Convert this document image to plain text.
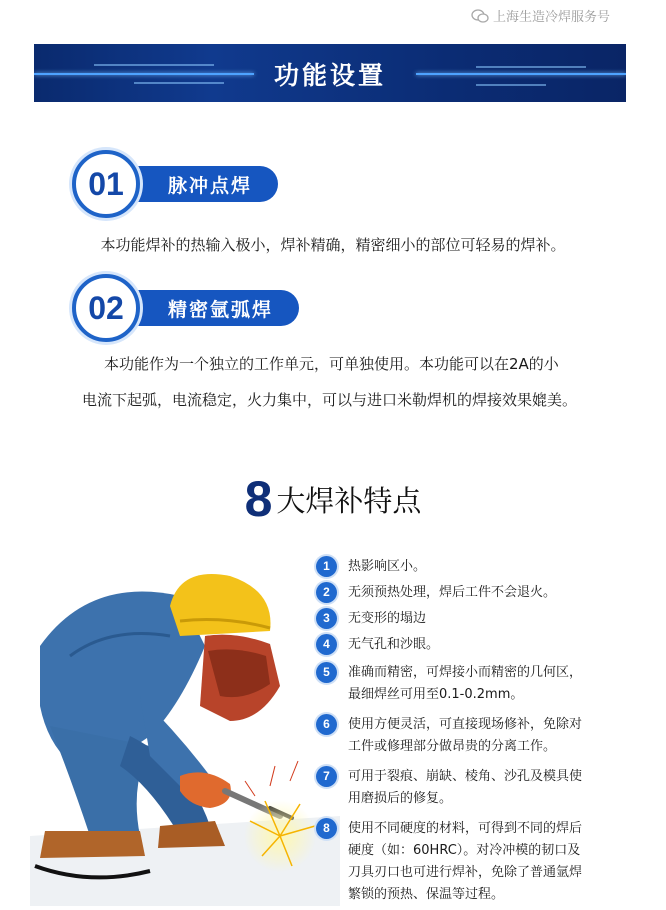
上海生造冷焊服务号
功能设置
01	脉冲点焊
本功能焊补的热输入极小，焊补精确，精密细小的部位可轻易的焊补。
02	精密氩弧焊
本功能作为一个独立的工作单元，可单独使用。本功能可以在2A的小
电流下起弧，电流稳定，火力集中，可以与进口米勒焊机的焊接效果媲美。
8 大焊补特点
1	热影响区小。
2	无须预热处理，焊后工件不会退火。
3	无变形的塌边
4	无气孔和沙眼。
5	准确而精密，可焊接小而精密的几何区，
最细焊丝可用至0.1-0.2mm。
6	使用方便灵活，可直接现场修补，免除对
工件或修理部分做昂贵的分离工作。
7	可用于裂痕、崩缺、棱角、沙孔及模具使
用磨损后的修复。
8	使用不同硬度的材料，可得到不同的焊后
硬度（如：60HRC）。对冷冲模的韧口及
刀具刃口也可进行焊补，免除了普通氩焊
繁锁的预热、保温等过程。
